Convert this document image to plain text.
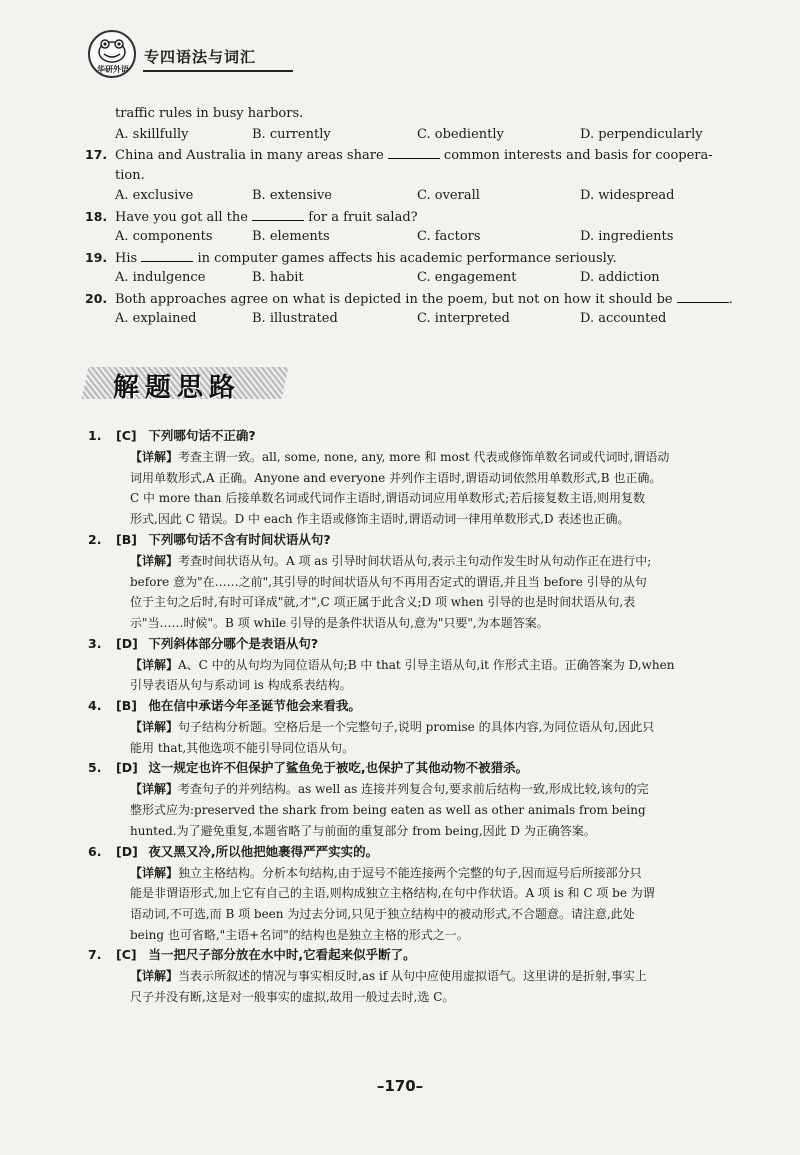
华研外语
专四语法与词汇
traffic rules in busy harbors.
A. skillfully	B. currently	C. obediently	D. perpendicularly
17. China and Australia in many areas share	common interests and basis for coopera-
tion.
A. exclusive	B. extensive	C. overall	D. widespread
18. Have you got all the	for a fruit salad?
A. components	B. elements	C. factors	D. ingredients
19. His	in computer games affects his academic performance seriously.
A. indulgence	B. habit	C. engagement	D. addiction
20. Both approaches agree on what is depicted in the poem, but not on how it should be	.
A. explained	B. illustrated	C. interpreted	D. accounted
解题思路
1. [C] 下列哪句话不正确?

【详解】考查主谓一致。all, some, none, any, more 和 most 代表或修饰单数名词或代词时,谓语动

词用单数形式,A 正确。Anyone and everyone 并列作主语时,谓语动词依然用单数形式,B 也正确。

C 中 more than 后接单数名词或代词作主语时,谓语动词应用单数形式;若后接复数主语,则用复数

形式,因此 C 错误。D 中 each 作主语或修饰主语时,谓语动词一律用单数形式,D 表述也正确。

2. [B] 下列哪句话不含有时间状语从句?

【详解】考查时间状语从句。A 项 as 引导时间状语从句,表示主句动作发生时从句动作正在进行中;

before 意为"在……之前",其引导的时间状语从句不再用否定式的谓语,并且当 before 引导的从句

位于主句之后时,有时可译成"就,才",C 项正属于此含义;D 项 when 引导的也是时间状语从句,表

示"当……时候"。B 项 while 引导的是条件状语从句,意为"只要",为本题答案。

3. [D] 下列斜体部分哪个是表语从句?

【详解】A、C 中的从句均为同位语从句;B 中 that 引导主语从句,it 作形式主语。正确答案为 D,when

引导表语从句与系动词 is 构成系表结构。

4. [B] 他在信中承诺今年圣诞节他会来看我。

【详解】句子结构分析题。空格后是一个完整句子,说明 promise 的具体内容,为同位语从句,因此只

能用 that,其他选项不能引导同位语从句。

5. [D] 这一规定也许不但保护了鲨鱼免于被吃,也保护了其他动物不被猎杀。

【详解】考查句子的并列结构。as well as 连接并列复合句,要求前后结构一致,形成比较,该句的完

整形式应为:preserved the shark from being eaten as well as other animals from being

hunted.为了避免重复,本题省略了与前面的重复部分 from being,因此 D 为正确答案。

6. [D] 夜又黑又冷,所以他把她裹得严严实实的。

【详解】独立主格结构。分析本句结构,由于逗号不能连接两个完整的句子,因而逗号后所接部分只

能是非谓语形式,加上它有自己的主语,则构成独立主格结构,在句中作状语。A 项 is 和 C 项 be 为谓

语动词,不可选,而 B 项 been 为过去分词,只见于独立结构中的被动形式,不合题意。请注意,此处

being 也可省略,"主语+名词"的结构也是独立主格的形式之一。

7. [C] 当一把尺子部分放在水中时,它看起来似乎断了。

【详解】当表示所叙述的情况与事实相反时,as if 从句中应使用虚拟语气。这里讲的是折射,事实上

尺子并没有断,这是对一般事实的虚拟,故用一般过去时,选 C。

–170–
